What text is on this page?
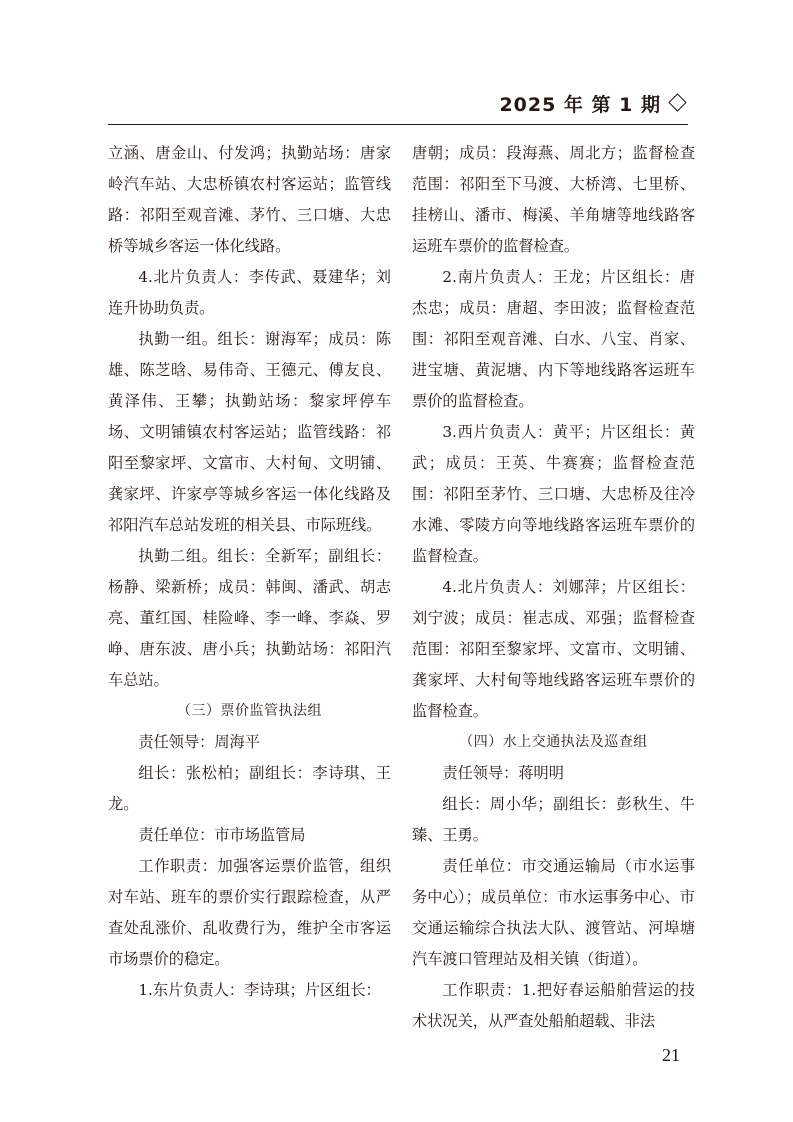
2025 年 第 1 期

立涵、唐金山、付发鸿；执勤站场：唐家岭汽车站、大忠桥镇农村客运站；监管线路：祁阳至观音滩、茅竹、三口塘、大忠桥等城乡客运一体化线路。

4.北片负责人：李传武、聂建华；刘连升协助负责。

执勤一组。组长：谢海军；成员：陈雄、陈芝晗、易伟奇、王德元、傅友良、黄泽伟、王攀；执勤站场：黎家坪停车场、文明铺镇农村客运站；监管线路：祁阳至黎家坪、文富市、大村甸、文明铺、龚家坪、许家亭等城乡客运一体化线路及祁阳汽车总站发班的相关县、市际班线。

执勤二组。组长：全新军；副组长：杨静、梁新桥；成员：韩闽、潘武、胡志亮、董红国、桂险峰、李一峰、李焱、罗峥、唐东波、唐小兵；执勤站场：祁阳汽车总站。

（三）票价监管执法组

责任领导：周海平

组长：张松柏；副组长：李诗琪、王龙。

责任单位：市市场监管局

工作职责：加强客运票价监管，组织对车站、班车的票价实行跟踪检查，从严查处乱涨价、乱收费行为，维护全市客运市场票价的稳定。

1.东片负责人：李诗琪；片区组长：

唐朝；成员：段海燕、周北方；监督检查范围：祁阳至下马渡、大桥湾、七里桥、挂榜山、潘市、梅溪、羊角塘等地线路客运班车票价的监督检查。

2.南片负责人：王龙；片区组长：唐杰忠；成员：唐超、李田波；监督检查范围：祁阳至观音滩、白水、八宝、肖家、进宝塘、黄泥塘、内下等地线路客运班车票价的监督检查。

3.西片负责人：黄平；片区组长：黄武；成员：王英、牛赛赛；监督检查范围：祁阳至茅竹、三口塘、大忠桥及往冷水滩、零陵方向等地线路客运班车票价的监督检查。

4.北片负责人：刘娜萍；片区组长：刘宁波；成员：崔志成、邓强；监督检查范围：祁阳至黎家坪、文富市、文明铺、龚家坪、大村甸等地线路客运班车票价的监督检查。

（四）水上交通执法及巡查组

责任领导：蒋明明

组长：周小华；副组长：彭秋生、牛臻、王勇。

责任单位：市交通运输局（市水运事务中心）；成员单位：市水运事务中心、市交通运输综合执法大队、渡管站、河埠塘汽车渡口管理站及相关镇（街道）。

工作职责：1.把好春运船舶营运的技术状况关，从严查处船舶超载、非法

21
